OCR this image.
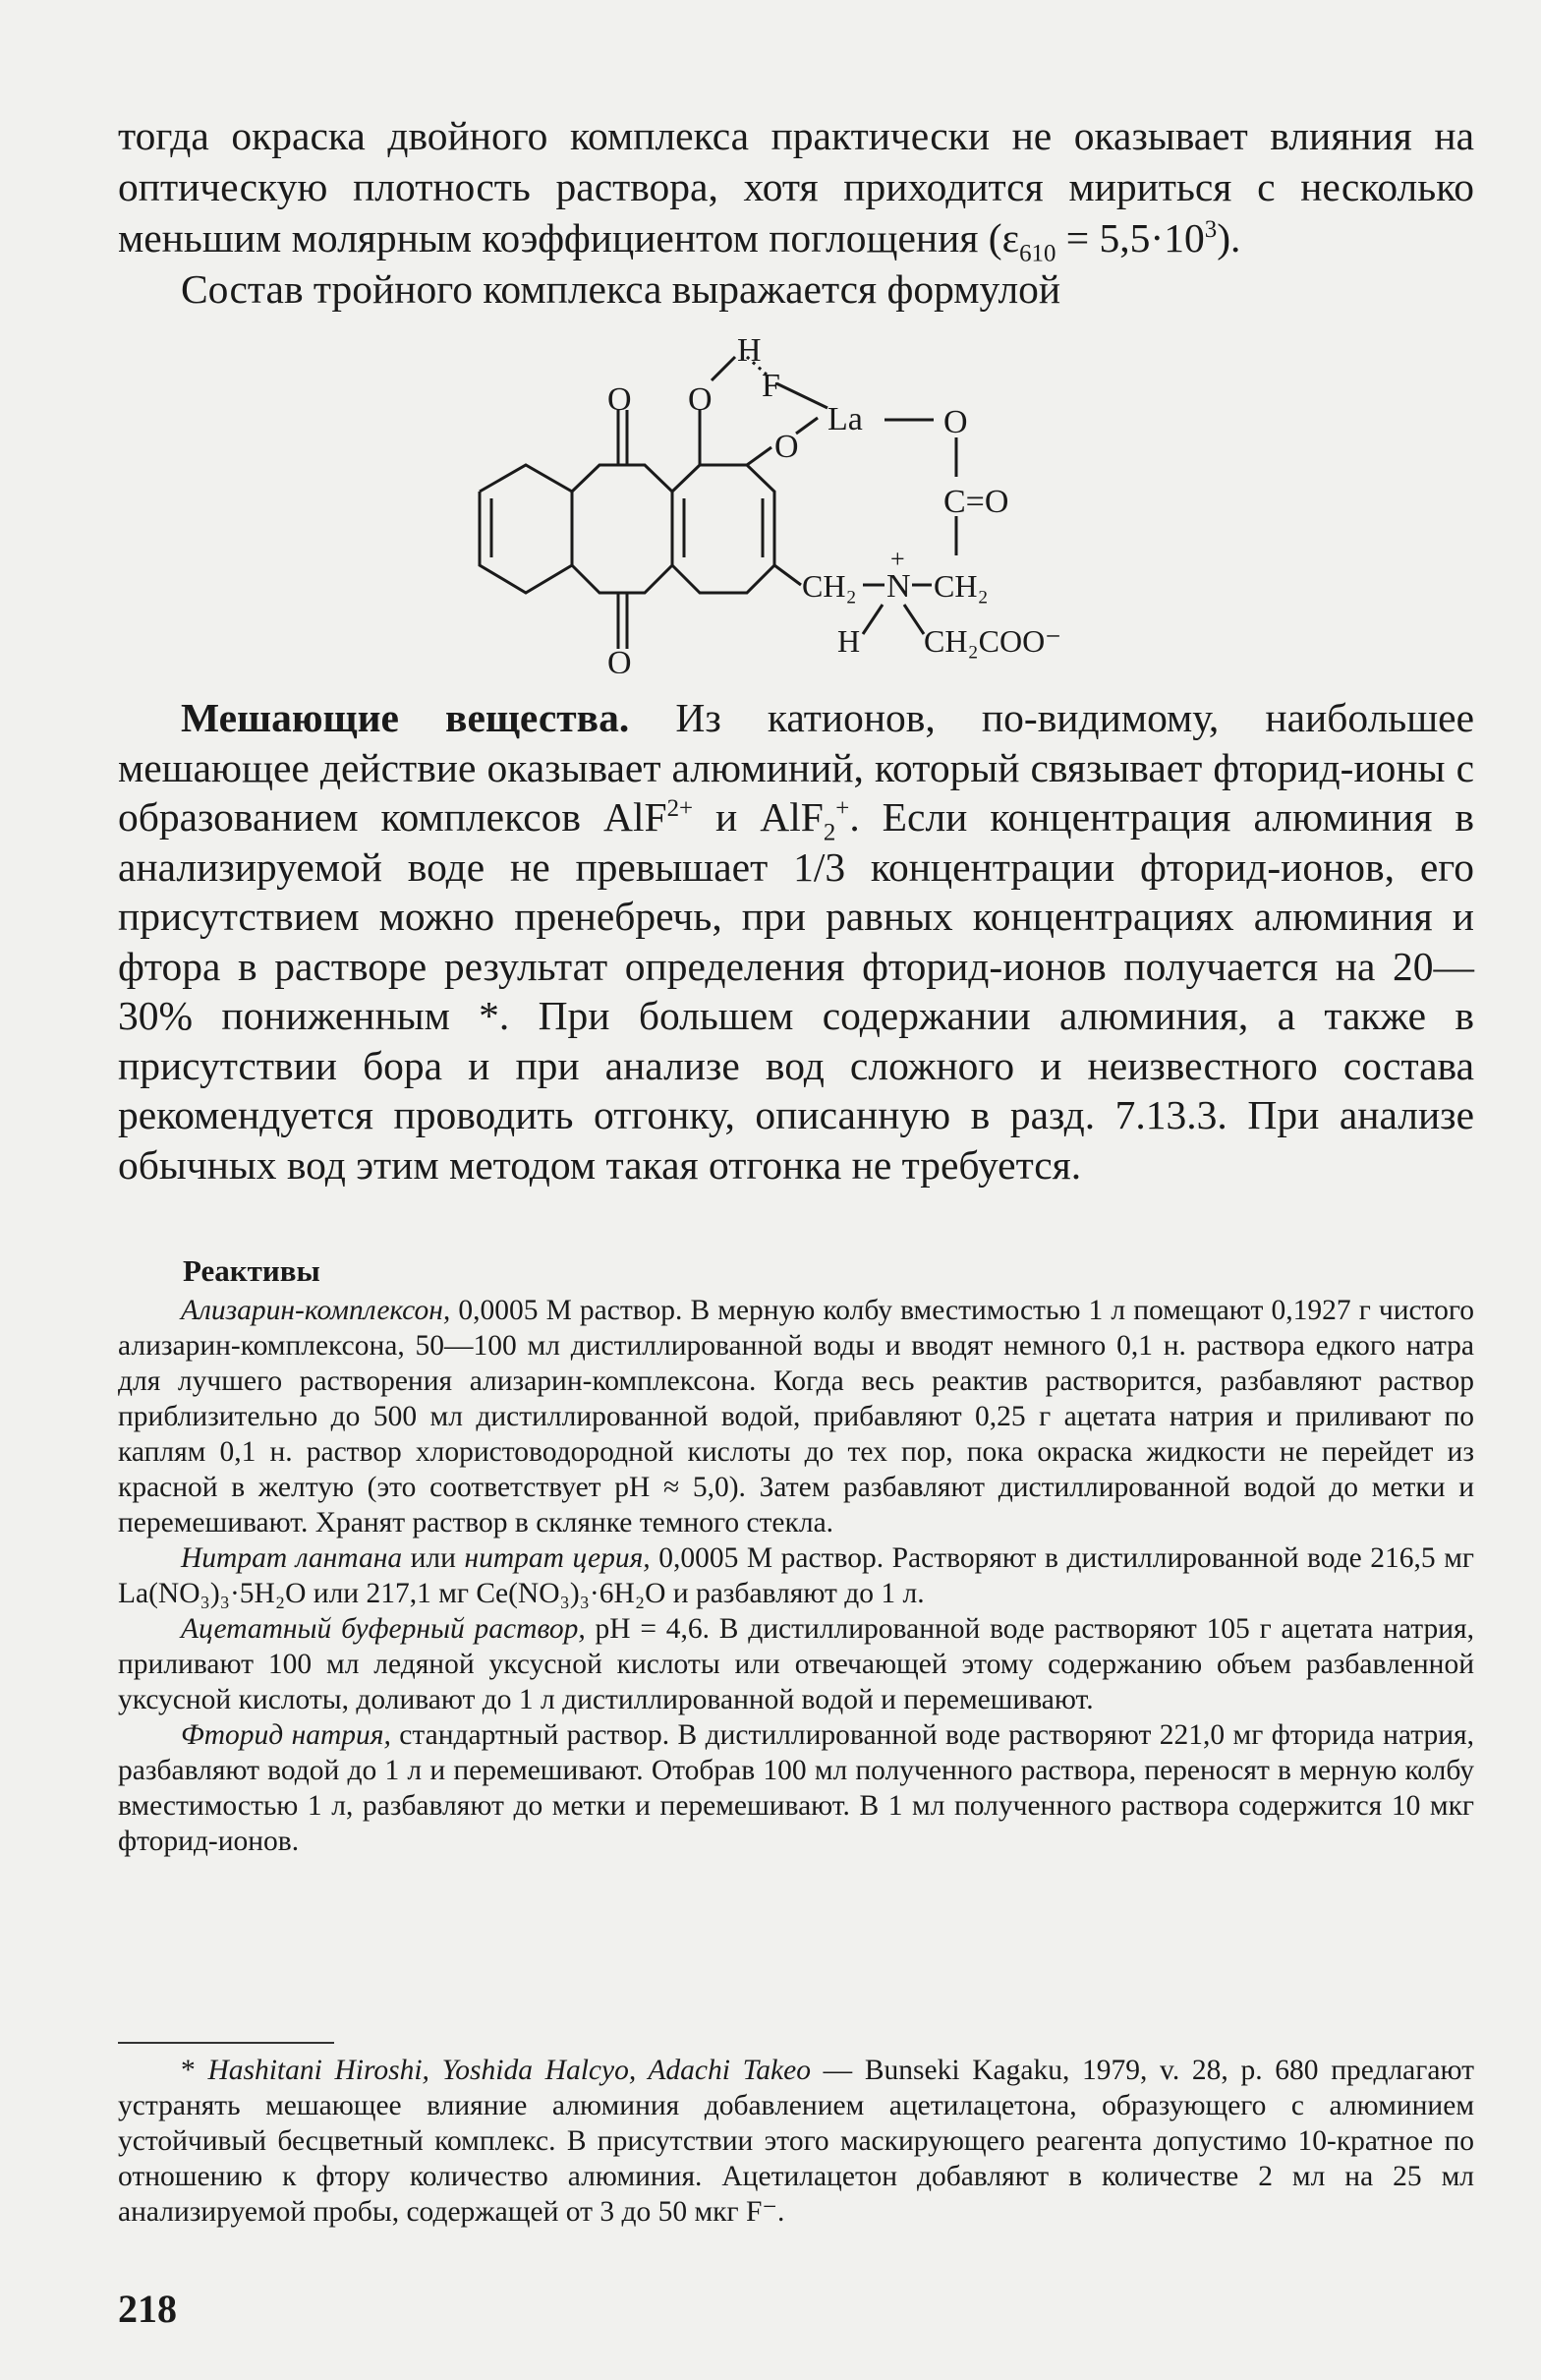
тогда окраска двойного комплекса практически не оказывает влияния на оптическую плотность раствора, хотя приходится мириться с несколько меньшим молярным коэффициентом поглощения $(\varepsilon_{610} = 5,5\cdot 10^3)$.

Состав тройного комплекса выражается формулой

H
O O F
La O
O
C=O
CH₂ N
+
CH₂
H CH₂COO⁻
O

Мешающие вещества. Из катионов, по-видимому, наибольшее мешающее действие оказывает алюминий, который связывает фторид-ионы с образованием комплексов AlF$^{2+}$ и AlF$_2$+. Если концентрация алюминия в анализируемой воде не превышает 1/3 концентрации фторид-ионов, его присутствием можно пренебречь, при равных концентрациях алюминия и фтора в растворе результат определения фторид-ионов получается на 20—30% пониженным *. При большем содержании алюминия, а также в присутствии бора и при анализе вод сложного и неизвестного состава рекомендуется проводить отгонку, описанную в разд. 7.13.3. При анализе обычных вод этим методом такая отгонка не требуется.

Реактивы

Ализарин-комплексон, 0,0005 М раствор. В мерную колбу вместимостью 1 л помещают 0,1927 г чистого ализарин-комплексона, 50—100 мл дистиллированной воды и вводят немного 0,1 н. раствора едкого натра для лучшего растворения ализарин-комплексона. Когда весь реактив растворится, разбавляют раствор приблизительно до 500 мл дистиллированной водой, прибавляют 0,25 г ацетата натрия и приливают по каплям 0,1 н. раствор хлористоводородной кислоты до тех пор, пока окраска жидкости не перейдет из красной в желтую (это соответствует pH ≈ 5,0). Затем разбавляют дистиллированной водой до метки и перемешивают. Хранят раствор в склянке темного стекла.

Нитрат лантана или нитрат церия, 0,0005 М раствор. Растворяют в дистиллированной воде 216,5 мг La(NO₃)₃·5H₂O или 217,1 мг Ce(NO₃)₃·6H₂O и разбавляют до 1 л.

Ацетатный буферный раствор, pH = 4,6. В дистиллированной воде растворяют 105 г ацетата натрия, приливают 100 мл ледяной уксусной кислоты или отвечающей этому содержанию объем разбавленной уксусной кислоты, доливают до 1 л дистиллированной водой и перемешивают.

Фторид натрия, стандартный раствор. В дистиллированной воде растворяют 221,0 мг фторида натрия, разбавляют водой до 1 л и перемешивают. Отобрав 100 мл полученного раствора, переносят в мерную колбу вместимостью 1 л, разбавляют до метки и перемешивают. В 1 мл полученного раствора содержится 10 мкг фторид-ионов.

* Hashitani Hiroshi, Yoshida Halcyo, Adachi Takeo — Bunseki Kagaku, 1979, v. 28, p. 680 предлагают устранять мешающее влияние алюминия добавлением ацетилацетона, образующего с алюминием устойчивый бесцветный комплекс. В присутствии этого маскирующего реагента допустимо 10-кратное по отношению к фтору количество алюминия. Ацетилацетон добавляют в количестве 2 мл на 25 мл анализируемой пробы, содержащей от 3 до 50 мкг F⁻.

218
